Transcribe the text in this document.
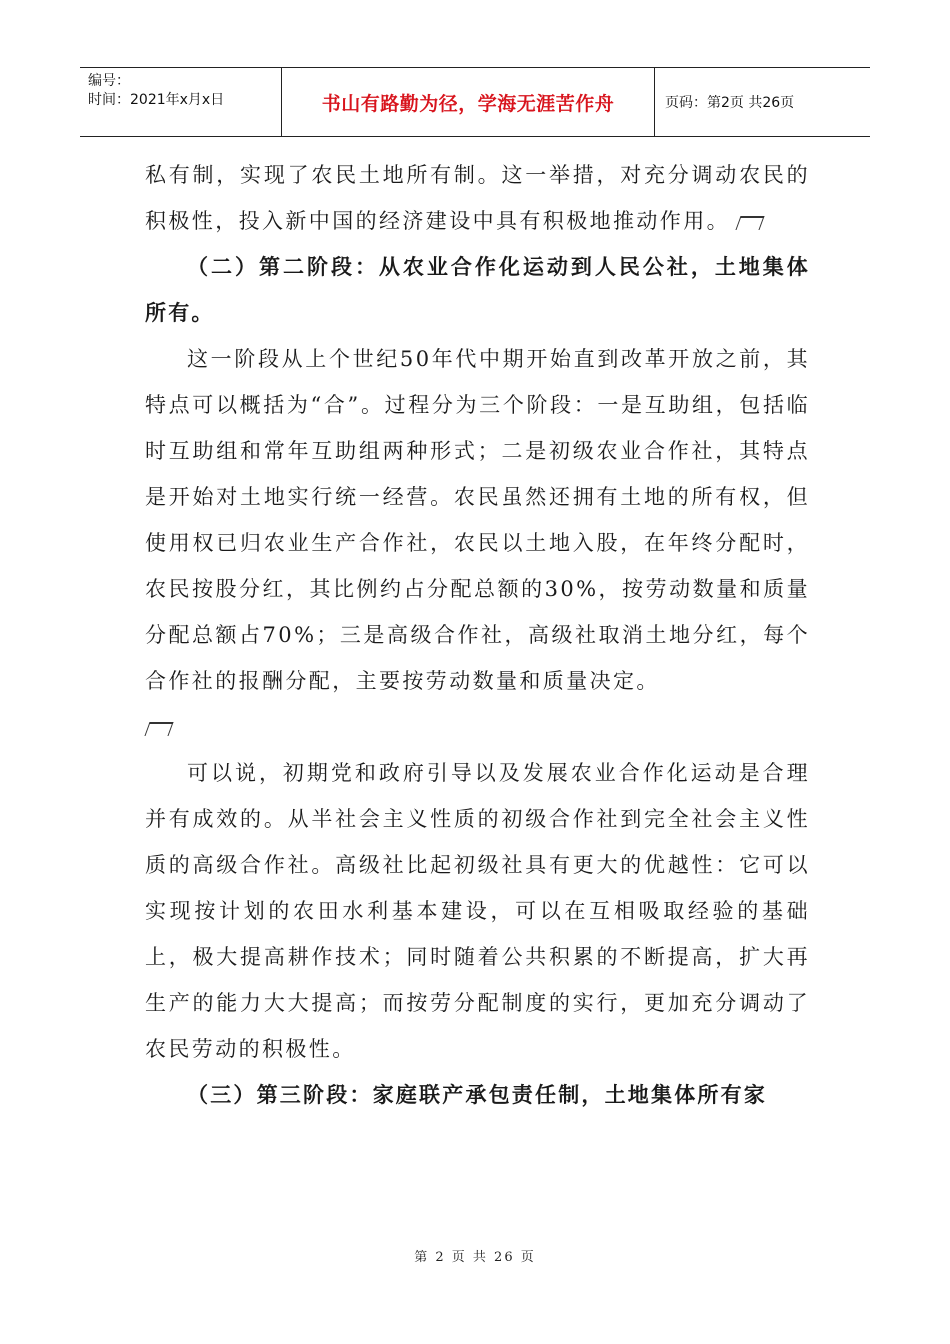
编号：
时间：2021年x月x日	书山有路勤为径，学海无涯苦作舟	页码：第2页 共26页

私有制，实现了农民土地所有制。这一举措，对充分调动农民的积极性，投入新中国的经济建设中具有积极地推动作用。

（二）第二阶段：从农业合作化运动到人民公社，土地集体所有。

这一阶段从上个世纪50年代中期开始直到改革开放之前，其特点可以概括为“合”。过程分为三个阶段：一是互助组，包括临时互助组和常年互助组两种形式；二是初级农业合作社，其特点是开始对土地实行统一经营。农民虽然还拥有土地的所有权，但使用权已归农业生产合作社，农民以土地入股，在年终分配时，农民按股分红，其比例约占分配总额的30%，按劳动数量和质量分配总额占70%；三是高级合作社，高级社取消土地分红，每个合作社的报酬分配，主要按劳动数量和质量决定。

可以说，初期党和政府引导以及发展农业合作化运动是合理并有成效的。从半社会主义性质的初级合作社到完全社会主义性质的高级合作社。高级社比起初级社具有更大的优越性：它可以实现按计划的农田水利基本建设，可以在互相吸取经验的基础上，极大提高耕作技术；同时随着公共积累的不断提高，扩大再生产的能力大大提高；而按劳分配制度的实行，更加充分调动了农民劳动的积极性。

（三）第三阶段：家庭联产承包责任制，土地集体所有家

第 2 页 共 26 页
